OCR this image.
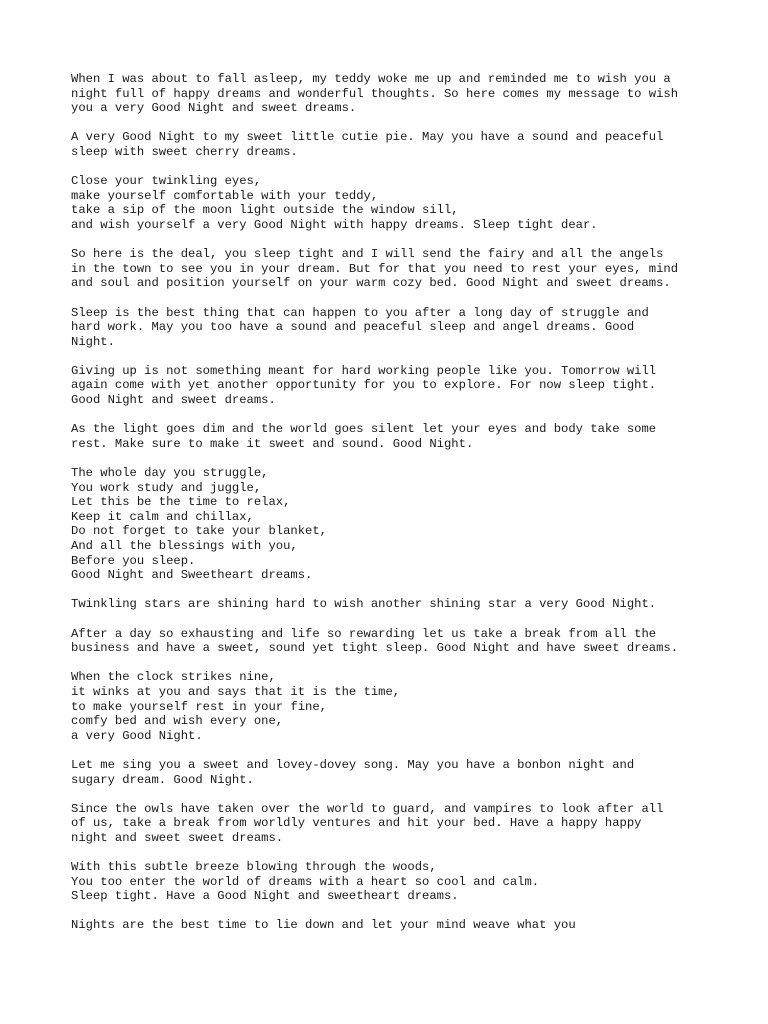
When I was about to fall asleep, my teddy woke me up and reminded me to wish you a
night full of happy dreams and wonderful thoughts. So here comes my message to wish
you a very Good Night and sweet dreams.
A very Good Night to my sweet little cutie pie. May you have a sound and peaceful
sleep with sweet cherry dreams.
Close your twinkling eyes,
make yourself comfortable with your teddy,
take a sip of the moon light outside the window sill,
and wish yourself a very Good Night with happy dreams. Sleep tight dear.
So here is the deal, you sleep tight and I will send the fairy and all the angels
in the town to see you in your dream. But for that you need to rest your eyes, mind
and soul and position yourself on your warm cozy bed. Good Night and sweet dreams.
Sleep is the best thing that can happen to you after a long day of struggle and
hard work. May you too have a sound and peaceful sleep and angel dreams. Good
Night.
Giving up is not something meant for hard working people like you. Tomorrow will
again come with yet another opportunity for you to explore. For now sleep tight.
Good Night and sweet dreams.
As the light goes dim and the world goes silent let your eyes and body take some
rest. Make sure to make it sweet and sound. Good Night.
The whole day you struggle,
You work study and juggle,
Let this be the time to relax,
Keep it calm and chillax,
Do not forget to take your blanket,
And all the blessings with you,
Before you sleep.
Good Night and Sweetheart dreams.
Twinkling stars are shining hard to wish another shining star a very Good Night.
After a day so exhausting and life so rewarding let us take a break from all the
business and have a sweet, sound yet tight sleep. Good Night and have sweet dreams.
When the clock strikes nine,
it winks at you and says that it is the time,
to make yourself rest in your fine,
comfy bed and wish every one,
a very Good Night.
Let me sing you a sweet and lovey-dovey song. May you have a bonbon night and
sugary dream. Good Night.
Since the owls have taken over the world to guard, and vampires to look after all
of us, take a break from worldly ventures and hit your bed. Have a happy happy
night and sweet sweet dreams.
With this subtle breeze blowing through the woods,
You too enter the world of dreams with a heart so cool and calm.
Sleep tight. Have a Good Night and sweetheart dreams.
Nights are the best time to lie down and let your mind weave what you
